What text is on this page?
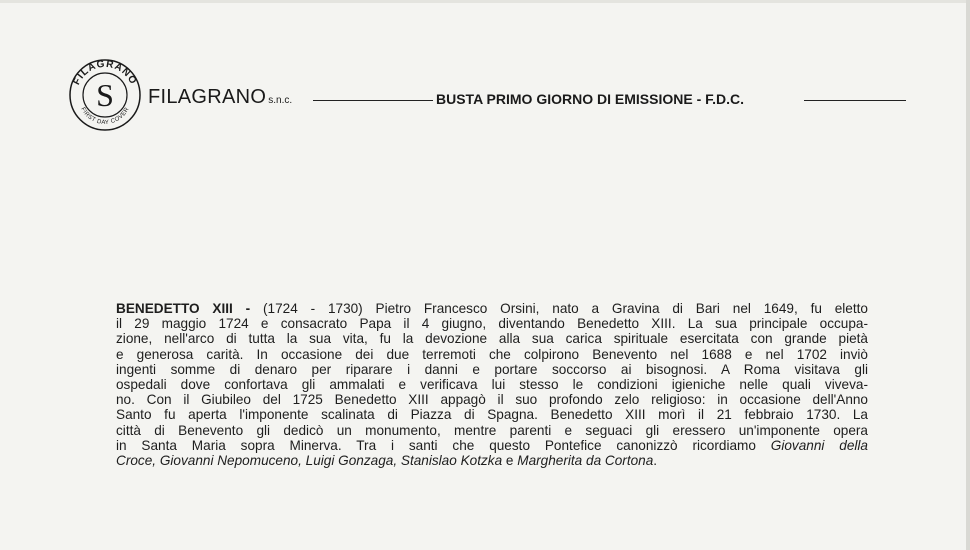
FILAGRANO
FIRST DAY COVER
S FILAGRANO s.n.c.	BUSTA PRIMO GIORNO DI EMISSIONE - F.D.C.
BENEDETTO XIII - (1724 - 1730) Pietro Francesco Orsini, nato a Gravina di Bari nel 1649, fu eletto
il 29 maggio 1724 e consacrato Papa il 4 giugno, diventando Benedetto XIII. La sua principale occupa-
zione, nell'arco di tutta la sua vita, fu la devozione alla sua carica spirituale esercitata con grande pietà
e generosa carità. In occasione dei due terremoti che colpirono Benevento nel 1688 e nel 1702 inviò
ingenti somme di denaro per riparare i danni e portare soccorso ai bisognosi. A Roma visitava gli
ospedali dove confortava gli ammalati e verificava lui stesso le condizioni igieniche nelle quali viveva-
no. Con il Giubileo del 1725 Benedetto XIII appagò il suo profondo zelo religioso: in occasione dell'Anno
Santo fu aperta l'imponente scalinata di Piazza di Spagna. Benedetto XIII morì il 21 febbraio 1730. La
città di Benevento gli dedicò un monumento, mentre parenti e seguaci gli eressero un'imponente opera
in Santa Maria sopra Minerva. Tra i santi che questo Pontefice canonizzò ricordiamo Giovanni della
Croce, Giovanni Nepomuceno, Luigi Gonzaga, Stanislao Kotzka e Margherita da Cortona.
